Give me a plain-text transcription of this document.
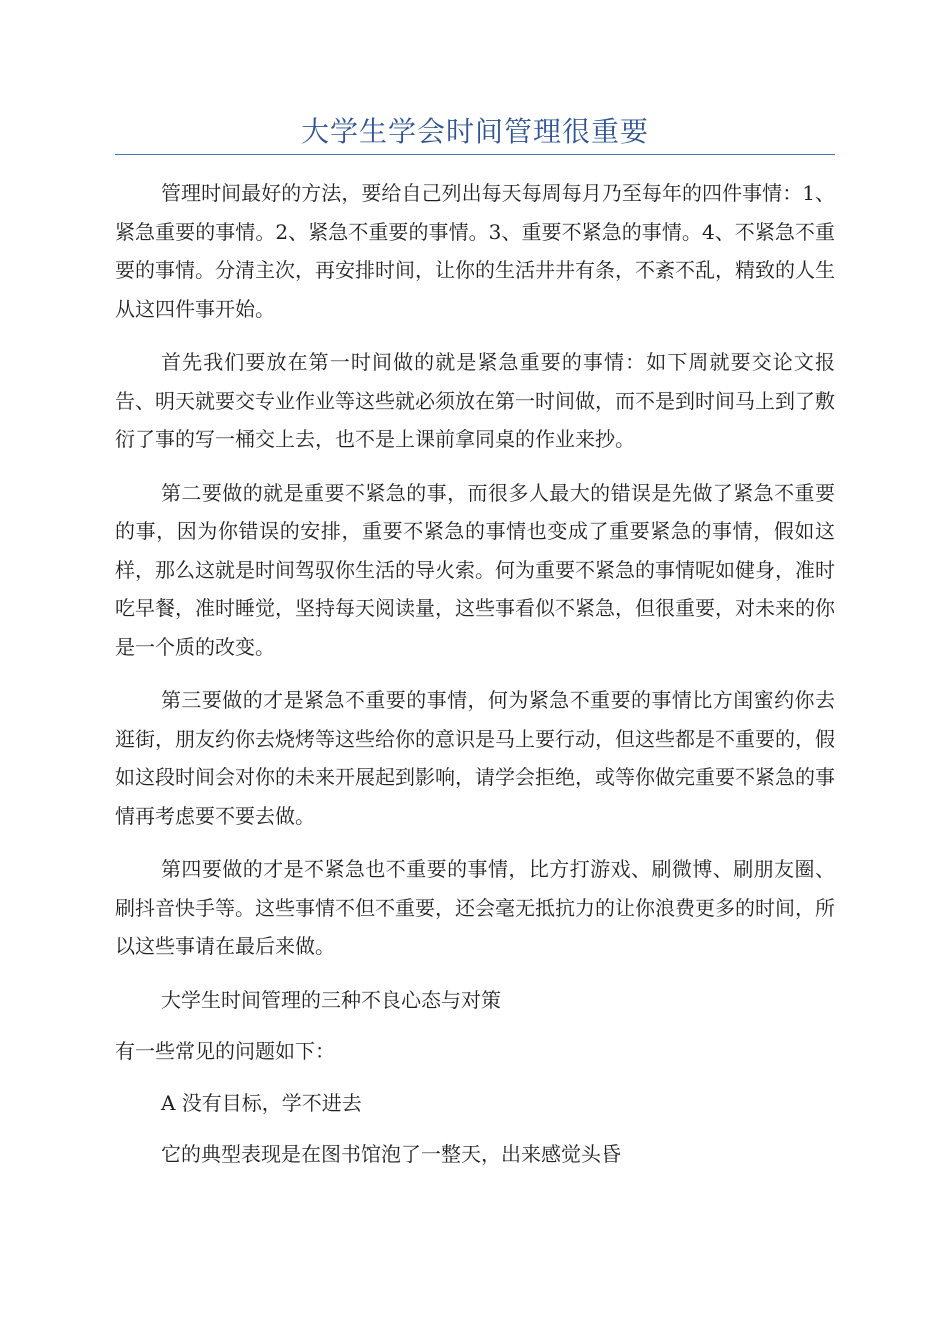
大学生学会时间管理很重要

管理时间最好的方法，要给自己列出每天每周每月乃至每年的四件事情：1、紧急重要的事情。2、紧急不重要的事情。3、重要不紧急的事情。4、不紧急不重要的事情。分清主次，再安排时间，让你的生活井井有条，不紊不乱，精致的人生从这四件事开始。

首先我们要放在第一时间做的就是紧急重要的事情：如下周就要交论文报告、明天就要交专业作业等这些就必须放在第一时间做，而不是到时间马上到了敷衍了事的写一桶交上去，也不是上课前拿同桌的作业来抄。

第二要做的就是重要不紧急的事，而很多人最大的错误是先做了紧急不重要的事，因为你错误的安排，重要不紧急的事情也变成了重要紧急的事情，假如这样，那么这就是时间驾驭你生活的导火索。何为重要不紧急的事情呢如健身，准时吃早餐，准时睡觉，坚持每天阅读量，这些事看似不紧急，但很重要，对未来的你是一个质的改变。

第三要做的才是紧急不重要的事情，何为紧急不重要的事情比方闺蜜约你去逛街，朋友约你去烧烤等这些给你的意识是马上要行动，但这些都是不重要的，假如这段时间会对你的未来开展起到影响，请学会拒绝，或等你做完重要不紧急的事情再考虑要不要去做。

第四要做的才是不紧急也不重要的事情，比方打游戏、刷微博、刷朋友圈、刷抖音快手等。这些事情不但不重要，还会毫无抵抗力的让你浪费更多的时间，所以这些事请在最后来做。

大学生时间管理的三种不良心态与对策

有一些常见的问题如下：

A 没有目标，学不进去

它的典型表现是在图书馆泡了一整天，出来感觉头昏
